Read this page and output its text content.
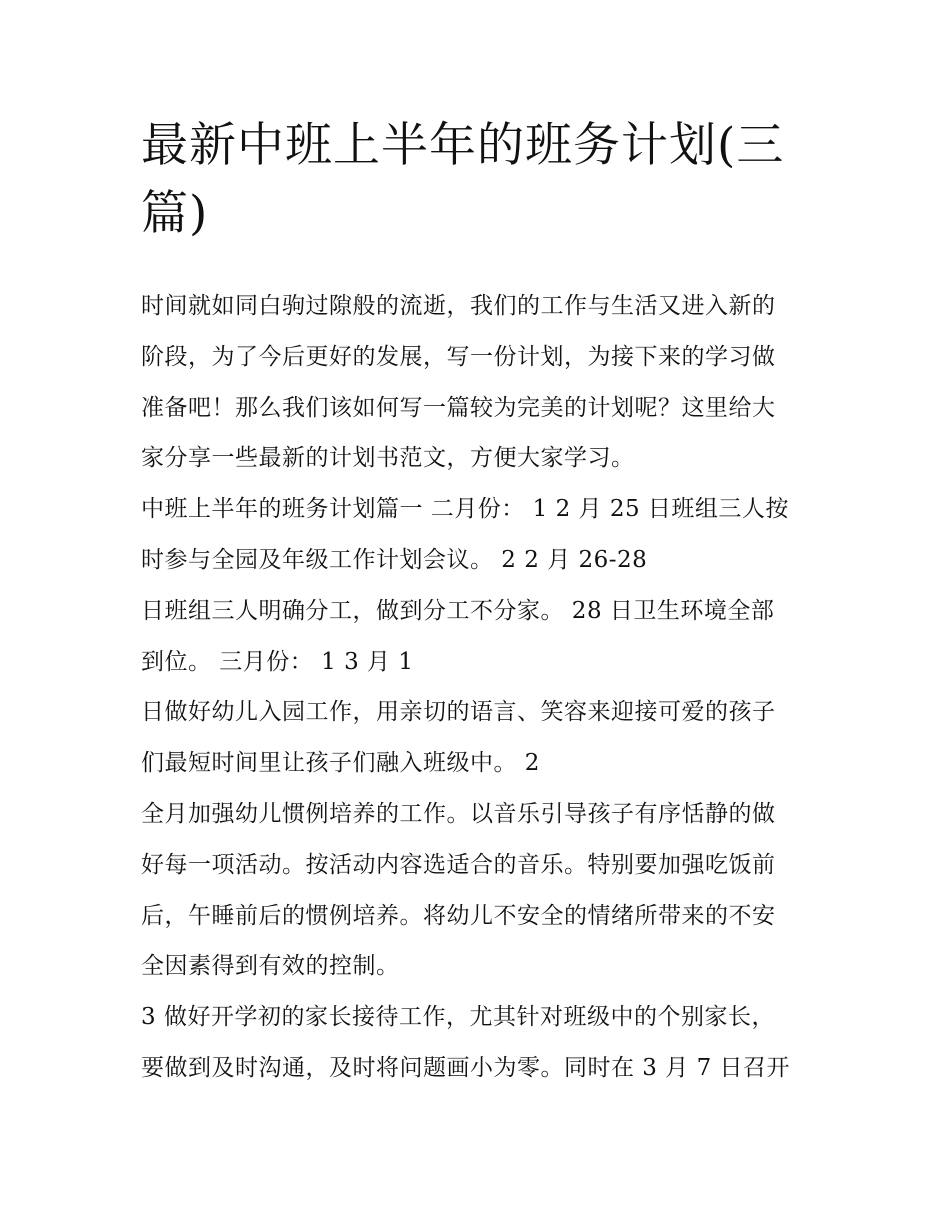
最新中班上半年的班务计划(三
篇)

时间就如同白驹过隙般的流逝，我们的工作与生活又进入新的
阶段，为了今后更好的发展，写一份计划，为接下来的学习做
准备吧！那么我们该如何写一篇较为完美的计划呢？这里给大
家分享一些最新的计划书范文，方便大家学习。

中班上半年的班务计划篇一 二月份： 1 2 月 25 日班组三人按
时参与全园及年级工作计划会议。 2 2 月 26-28

日班组三人明确分工，做到分工不分家。 28 日卫生环境全部
到位。 三月份： 1 3 月 1

日做好幼儿入园工作，用亲切的语言、笑容来迎接可爱的孩子
们最短时间里让孩子们融入班级中。 2

全月加强幼儿惯例培养的工作。以音乐引导孩子有序恬静的做
好每一项活动。按活动内容选适合的音乐。特别要加强吃饭前
后，午睡前后的惯例培养。将幼儿不安全的情绪所带来的不安
全因素得到有效的控制。

3 做好开学初的家长接待工作，尤其针对班级中的个别家长，
要做到及时沟通，及时将问题画小为零。同时在 3 月 7 日召开
